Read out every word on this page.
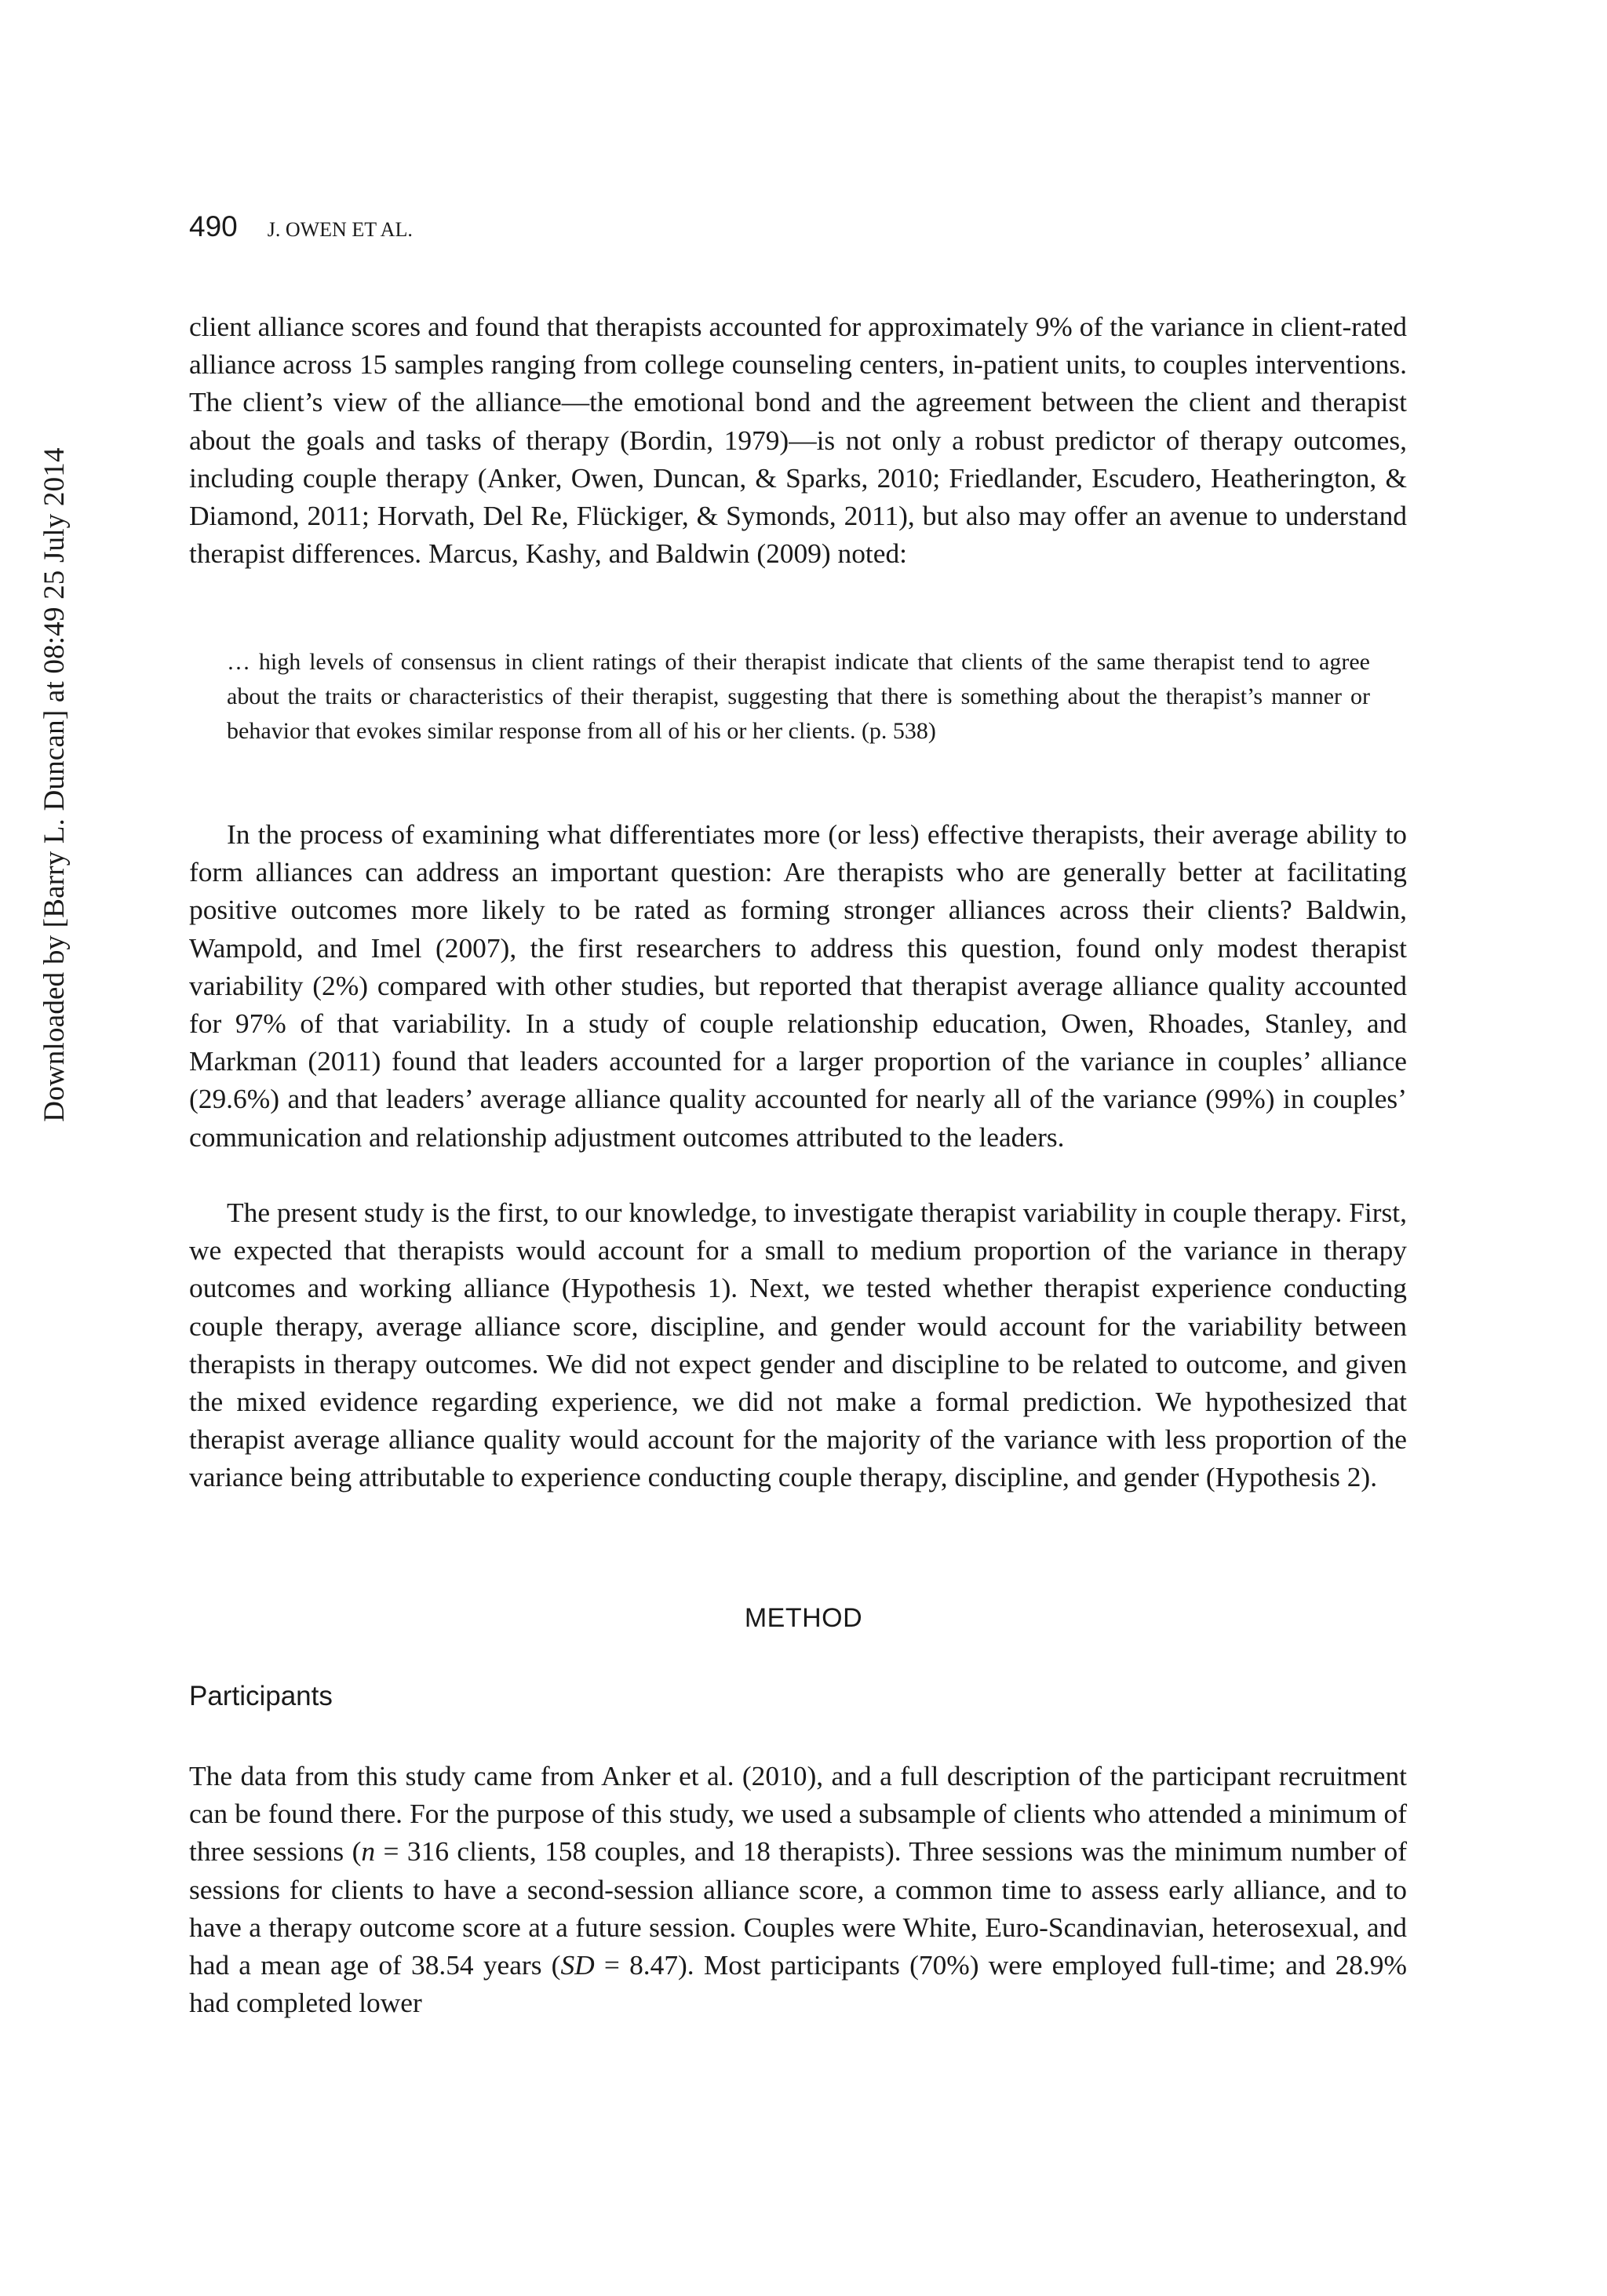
490 J. OWEN ET AL.
Downloaded by [Barry L. Duncan] at 08:49 25 July 2014

client alliance scores and found that therapists accounted for approximately 9% of the variance in client-rated alliance across 15 samples ranging from college counseling centers, in-patient units, to couples interventions. The client’s view of the alliance—the emotional bond and the agreement between the client and therapist about the goals and tasks of therapy (Bordin, 1979)—is not only a robust predictor of therapy outcomes, including couple therapy (Anker, Owen, Duncan, & Sparks, 2010; Friedlander, Escudero, Heatherington, & Diamond, 2011; Horvath, Del Re, Flückiger, & Symonds, 2011), but also may offer an avenue to understand therapist differences. Marcus, Kashy, and Baldwin (2009) noted:

… high levels of consensus in client ratings of their therapist indicate that clients of the same therapist tend to agree about the traits or characteristics of their therapist, suggesting that there is something about the therapist’s manner or behavior that evokes similar response from all of his or her clients. (p. 538)

In the process of examining what differentiates more (or less) effective therapists, their average ability to form alliances can address an important question: Are therapists who are generally better at facilitating positive outcomes more likely to be rated as forming stronger alliances across their clients? Baldwin, Wampold, and Imel (2007), the first researchers to address this question, found only modest therapist variability (2%) compared with other studies, but reported that therapist average alliance quality accounted for 97% of that variability. In a study of couple relationship education, Owen, Rhoades, Stanley, and Markman (2011) found that leaders accounted for a larger proportion of the variance in couples’ alliance (29.6%) and that leaders’ average alliance quality accounted for nearly all of the variance (99%) in couples’ communication and relationship adjustment outcomes attributed to the leaders.

The present study is the first, to our knowledge, to investigate therapist variability in couple therapy. First, we expected that therapists would account for a small to medium proportion of the variance in therapy outcomes and working alliance (Hypothesis 1). Next, we tested whether therapist experience conducting couple therapy, average alliance score, discipline, and gender would account for the variability between therapists in therapy outcomes. We did not expect gender and discipline to be related to outcome, and given the mixed evidence regarding experience, we did not make a formal prediction. We hypothesized that therapist average alliance quality would account for the majority of the variance with less proportion of the variance being attributable to experience conducting couple therapy, discipline, and gender (Hypothesis 2).

METHOD
Participants

The data from this study came from Anker et al. (2010), and a full description of the participant recruitment can be found there. For the purpose of this study, we used a subsample of clients who attended a minimum of three sessions (n = 316 clients, 158 couples, and 18 therapists). Three sessions was the minimum number of sessions for clients to have a second-session alliance score, a common time to assess early alliance, and to have a therapy outcome score at a future session. Couples were White, Euro-Scandinavian, heterosexual, and had a mean age of 38.54 years (SD = 8.47). Most participants (70%) were employed full-time; and 28.9% had completed lower
